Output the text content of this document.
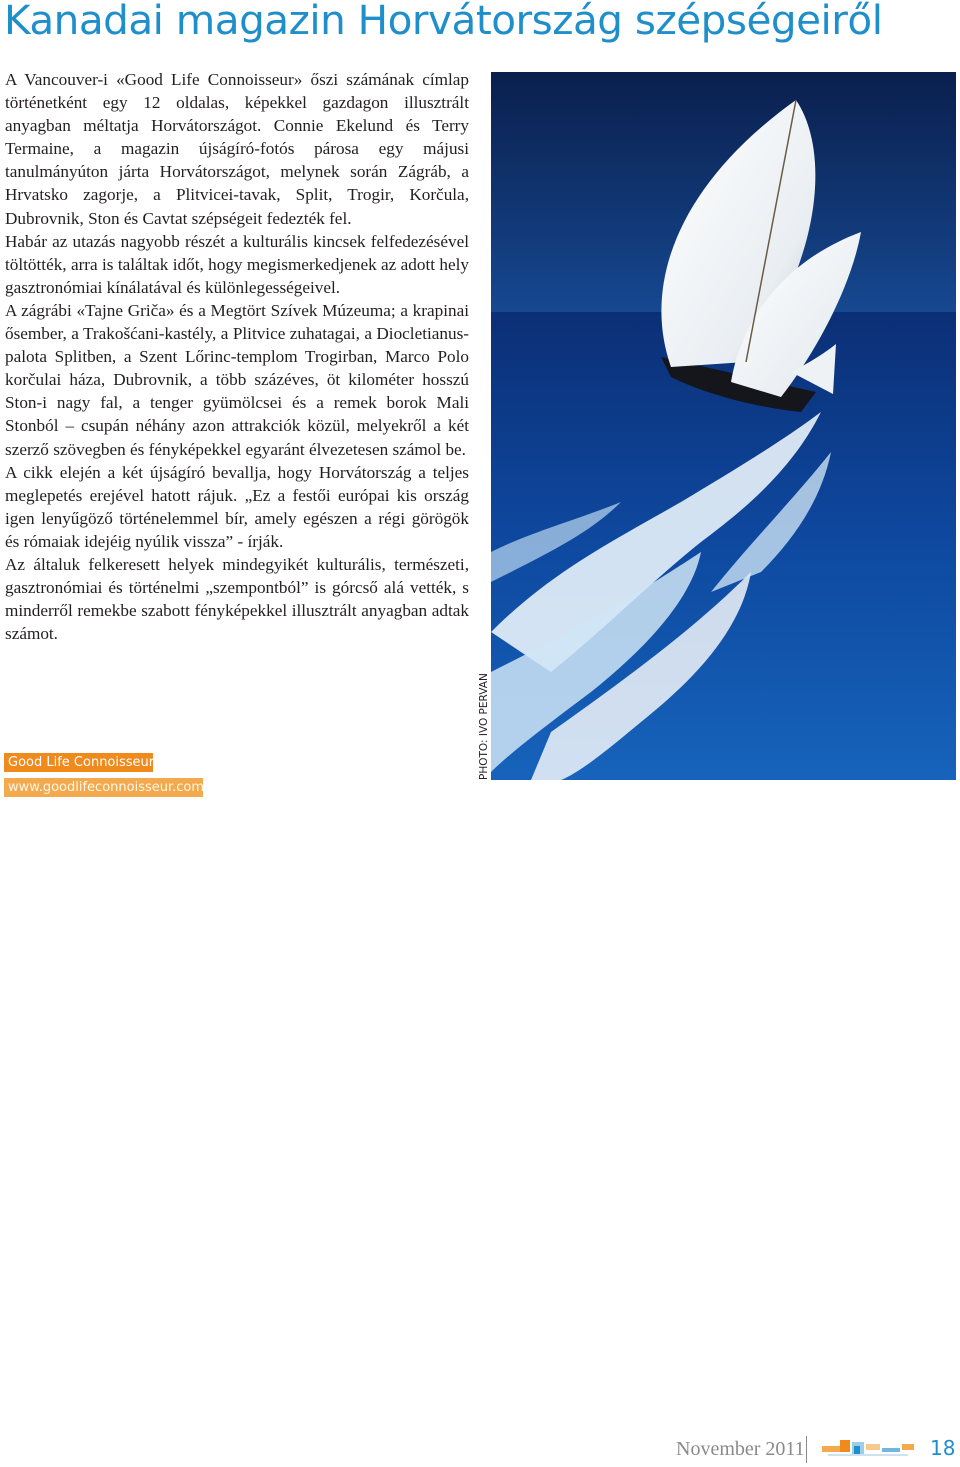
Kanadai magazin Horvátország szépségeiről

A Vancouver-i «Good Life Connoisseur» őszi számának címlap történetként egy 12 oldalas, képekkel gazdagon illusztrált anyagban méltatja Horvátországot. Connie Ekelund és Terry Termaine, a magazin újságíró-fotós párosa egy májusi tanulmányúton járta Horvátországot, melynek során Zágráb, a Hrvatsko zagorje, a Plitvicei-tavak, Split, Trogir, Korčula, Dubrovnik, Ston és Cavtat szépségeit fedezték fel.

Habár az utazás nagyobb részét a kulturális kincsek felfedezésével töltötték, arra is találtak időt, hogy megismerkedjenek az adott hely gasztronómiai kínálatával és különlegességeivel.

A zágrábi «Tajne Griča» és a Megtört Szívek Múzeuma; a krapinai ősember, a Trakošćani-kastély, a Plitvice zuhatagai, a Diocletianus-palota Splitben, a Szent Lőrinc-templom Trogirban, Marco Polo korčulai háza, Dubrovnik, a több százéves, öt kilométer hosszú Ston-i nagy fal, a tenger gyümölcsei és a remek borok Mali Stonból – csupán néhány azon attrakciók közül, melyekről a két szerző szövegben és fényképekkel egyaránt élvezetesen számol be.

A cikk elején a két újságíró bevallja, hogy Horvátország a teljes meglepetés erejével hatott rájuk. „Ez a festői európai kis ország igen lenyűgöző történelemmel bír, amely egészen a régi görögök és rómaiak idejéig nyúlik vissza” - írják.

Az általuk felkeresett helyek mindegyikét kulturális, természeti, gasztronómiai és történelmi „szempontból” is górcső alá vették, s minderről remekbe szabott fényképekkel illusztrált anyagban adtak számot.

Good Life Connoisseur
www.goodlifeconnoisseur.com
PHOTO: IVO PERVAN
November 2011	18
